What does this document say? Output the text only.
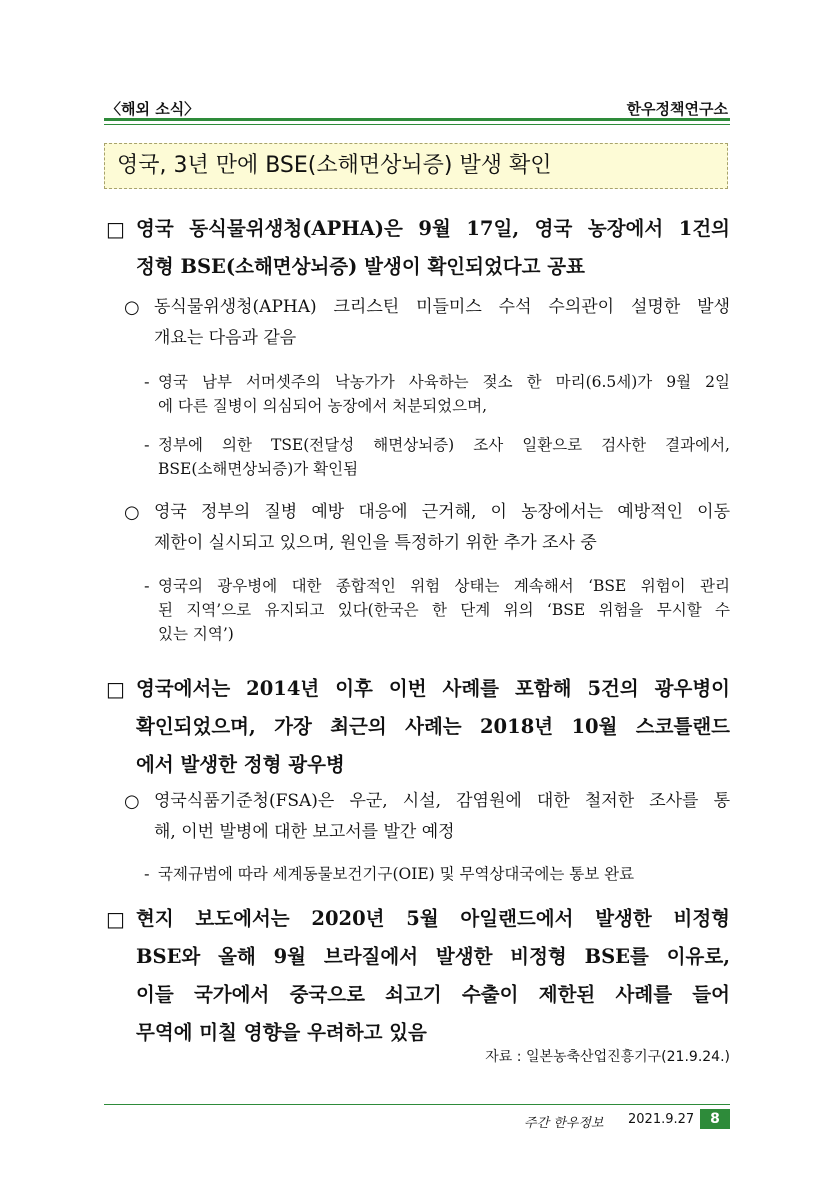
〈해외 소식〉	한우정책연구소
영국, 3년 만에 BSE(소해면상뇌증) 발생 확인
□ 영국 동식물위생청(APHA)은 9월 17일, 영국 농장에서 1건의
정형 BSE(소해면상뇌증) 발생이 확인되었다고 공표
○ 동식물위생청(APHA) 크리스틴 미들미스 수석 수의관이 설명한 발생
개요는 다음과 같음
- 영국 남부 서머셋주의 낙농가가 사육하는 젖소 한 마리(6.5세)가 9월 2일
에 다른 질병이 의심되어 농장에서 처분되었으며,
- 정부에 의한 TSE(전달성 해면상뇌증) 조사 일환으로 검사한 결과에서,
BSE(소해면상뇌증)가 확인됨
○ 영국 정부의 질병 예방 대응에 근거해, 이 농장에서는 예방적인 이동
제한이 실시되고 있으며, 원인을 특정하기 위한 추가 조사 중
- 영국의 광우병에 대한 종합적인 위험 상태는 계속해서 ‘BSE 위험이 관리
된 지역’으로 유지되고 있다(한국은 한 단계 위의 ‘BSE 위험을 무시할 수
있는 지역’)
□ 영국에서는 2014년 이후 이번 사례를 포함해 5건의 광우병이
확인되었으며, 가장 최근의 사례는 2018년 10월 스코틀랜드
에서 발생한 정형 광우병
○ 영국식품기준청(FSA)은 우군, 시설, 감염원에 대한 철저한 조사를 통
해, 이번 발병에 대한 보고서를 발간 예정
- 국제규범에 따라 세계동물보건기구(OIE) 및 무역상대국에는 통보 완료
□ 현지 보도에서는 2020년 5월 아일랜드에서 발생한 비정형
BSE와 올해 9월 브라질에서 발생한 비정형 BSE를 이유로,
이들 국가에서 중국으로 쇠고기 수출이 제한된 사례를 들어
무역에 미칠 영향을 우려하고 있음
자료 : 일본농축산업진흥기구(21.9.24.)
주간 한우정보 2021.9.27	8
